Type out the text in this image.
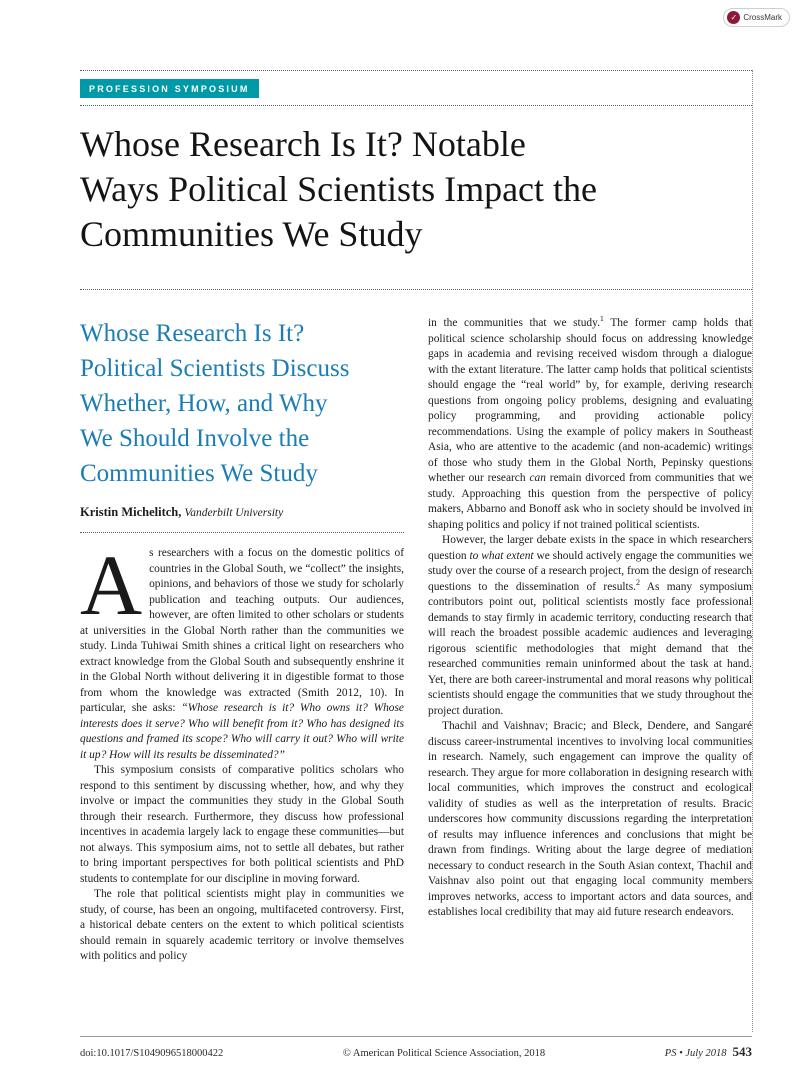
✓ CrossMark
PROFESSION SYMPOSIUM
Whose Research Is It? Notable
Ways Political Scientists Impact the
Communities We Study
Whose Research Is It?
Political Scientists Discuss
Whether, How, and Why
We Should Involve the
Communities We Study
Kristin Michelitch, Vanderbilt University

As researchers with a focus on the domestic politics of countries in the Global South, we “collect” the insights, opinions, and behaviors of those we study for scholarly publication and teaching outputs. Our audiences, however, are often limited to other scholars or students at universities in the Global North rather than the communities we study. Linda Tuhiwai Smith shines a critical light on researchers who extract knowledge from the Global South and subsequently enshrine it in the Global North without delivering it in digestible format to those from whom the knowledge was extracted (Smith 2012, 10). In particular, she asks: “Whose research is it? Who owns it? Whose interests does it serve? Who will benefit from it? Who has designed its questions and framed its scope? Who will carry it out? Who will write it up? How will its results be disseminated?”

This symposium consists of comparative politics scholars who respond to this sentiment by discussing whether, how, and why they involve or impact the communities they study in the Global South through their research. Furthermore, they discuss how professional incentives in academia largely lack to engage these communities—but not always. This symposium aims, not to settle all debates, but rather to bring important perspectives for both political scientists and PhD students to contemplate for our discipline in moving forward.

The role that political scientists might play in communities we study, of course, has been an ongoing, multifaceted controversy. First, a historical debate centers on the extent to which political scientists should remain in squarely academic territory or involve themselves with politics and policy

in the communities that we study.$^1$ The former camp holds that political science scholarship should focus on addressing knowledge gaps in academia and revising received wisdom through a dialogue with the extant literature. The latter camp holds that political scientists should engage the “real world” by, for example, deriving research questions from ongoing policy problems, designing and evaluating policy programming, and providing actionable policy recommendations. Using the example of policy makers in Southeast Asia, who are attentive to the academic (and non-academic) writings of those who study them in the Global North, Pepinsky questions whether our research can remain divorced from communities that we study. Approaching this question from the perspective of policy makers, Abbarno and Bonoff ask who in society should be involved in shaping politics and policy if not trained political scientists.

However, the larger debate exists in the space in which researchers question to what extent we should actively engage the communities we study over the course of a research project, from the design of research questions to the dissemination of results.$^2$ As many symposium contributors point out, political scientists mostly face professional demands to stay firmly in academic territory, conducting research that will reach the broadest possible academic audiences and leveraging rigorous scientific methodologies that might demand that the researched communities remain uninformed about the task at hand. Yet, there are both career-instrumental and moral reasons why political scientists should engage the communities that we study throughout the project duration.

Thachil and Vaishnav; Bracic; and Bleck, Dendere, and Sangaré discuss career-instrumental incentives to involving local communities in research. Namely, such engagement can improve the quality of research. They argue for more collaboration in designing research with local communities, which improves the construct and ecological validity of studies as well as the interpretation of results. Bracic underscores how community discussions regarding the interpretation of results may influence inferences and conclusions that might be drawn from findings. Writing about the large degree of mediation necessary to conduct research in the South Asian context, Thachil and Vaishnav also point out that engaging local community members improves networks, access to important actors and data sources, and establishes local credibility that may aid future research endeavors.

doi:10.1017/S1049096518000422	© American Political Science Association, 2018	PS • July 2018 543
